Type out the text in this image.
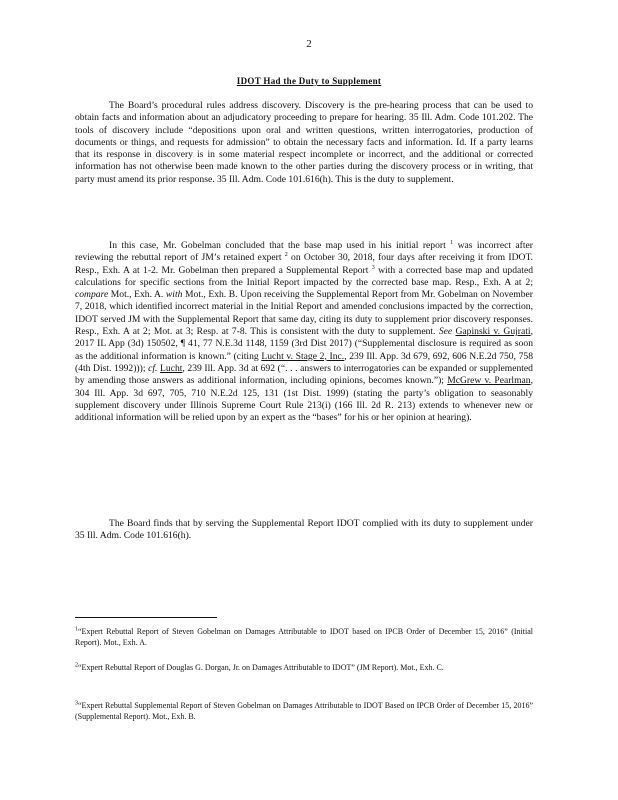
2
IDOT Had the Duty to Supplement

The Board’s procedural rules address discovery. Discovery is the pre-hearing process that can be used to obtain facts and information about an adjudicatory proceeding to prepare for hearing. 35 Ill. Adm. Code 101.202. The tools of discovery include “depositions upon oral and written questions, written interrogatories, production of documents or things, and requests for admission” to obtain the necessary facts and information. Id. If a party learns that its response in discovery is in some material respect incomplete or incorrect, and the additional or corrected information has not otherwise been made known to the other parties during the discovery process or in writing, that party must amend its prior response. 35 Ill. Adm. Code 101.616(h). This is the duty to supplement.

In this case, Mr. Gobelman concluded that the base map used in his initial report $^1$ was incorrect after reviewing the rebuttal report of JM’s retained expert $^2$ on October 30, 2018, four days after receiving it from IDOT. Resp., Exh. A at 1-2. Mr. Gobelman then prepared a Supplemental Report $^3$ with a corrected base map and updated calculations for specific sections from the Initial Report impacted by the corrected base map. Resp., Exh. A at 2; compare Mot., Exh. A. with Mot., Exh. B. Upon receiving the Supplemental Report from Mr. Gobelman on November 7, 2018, which identified incorrect material in the Initial Report and amended conclusions impacted by the correction, IDOT served JM with the Supplemental Report that same day, citing its duty to supplement prior discovery responses. Resp., Exh. A at 2; Mot. at 3; Resp. at 7-8. This is consistent with the duty to supplement. See Gapinski v. Gujrati, 2017 IL App (3d) 150502, ¶ 41, 77 N.E.3d 1148, 1159 (3rd Dist 2017) (“Supplemental disclosure is required as soon as the additional information is known.” (citing Lucht v. Stage 2, Inc., 239 Ill. App. 3d 679, 692, 606 N.E.2d 750, 758 (4th Dist. 1992))); cf. Lucht, 239 Ill. App. 3d at 692 (“. . . answers to interrogatories can be expanded or supplemented by amending those answers as additional information, including opinions, becomes known.”); McGrew v. Pearlman, 304 Ill. App. 3d 697, 705, 710 N.E.2d 125, 131 (1st Dist. 1999) (stating the party’s obligation to seasonably supplement discovery under Illinois Supreme Court Rule 213(i) (166 Ill. 2d R. 213) extends to whenever new or additional information will be relied upon by an expert as the “bases” for his or her opinion at hearing).

The Board finds that by serving the Supplemental Report IDOT complied with its duty to supplement under 35 Ill. Adm. Code 101.616(h).

$^1$“Expert Rebuttal Report of Steven Gobelman on Damages Attributable to IDOT based on IPCB Order of December 15, 2016” (Initial Report). Mot., Exh. A.

$^2$“Expert Rebuttal Report of Douglas G. Dorgan, Jr. on Damages Attributable to IDOT” (JM Report). Mot., Exh. C.

$^3$“Expert Rebuttal Supplemental Report of Steven Gobelman on Damages Attributable to IDOT Based on IPCB Order of December 15, 2016” (Supplemental Report). Mot., Exh. B.
